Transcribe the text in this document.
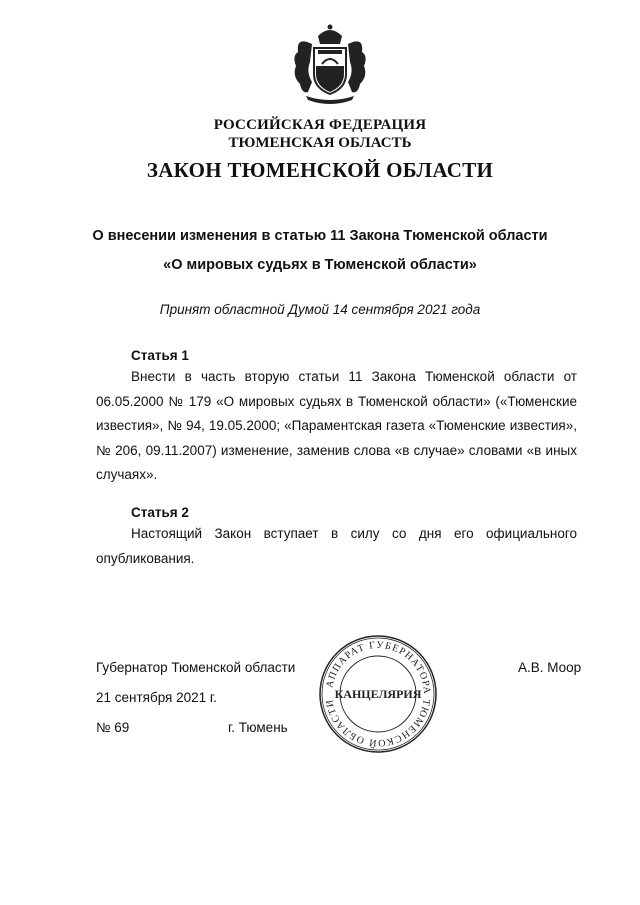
РОССИЙСКАЯ ФЕДЕРАЦИЯ
ТЮМЕНСКАЯ ОБЛАСТЬ
ЗАКОН ТЮМЕНСКОЙ ОБЛАСТИ
О внесении изменения в статью 11 Закона Тюменской области
«О мировых судьях в Тюменской области»
Принят областной Думой 14 сентября 2021 года
Статья 1

Внести в часть вторую статьи 11 Закона Тюменской области от 06.05.2000 № 179 «О мировых судьях в Тюменской области» («Тюменские известия», № 94, 19.05.2000; «Параментская газета «Тюменские известия», № 206, 09.11.2007) изменение, заменив слова «в случае» словами «в иных случаях».

Статья 2

Настоящий Закон вступает в силу со дня его официального опубликования.

Губернатор Тюменской области	А.В. Моор
21 сентября 2021 г.
№ 69	г. Тюмень
АППАРАТ ГУБЕРНАТОРА ТЮМЕНСКОЙ ОБЛАСТИ
КАНЦЕЛЯРИЯ
